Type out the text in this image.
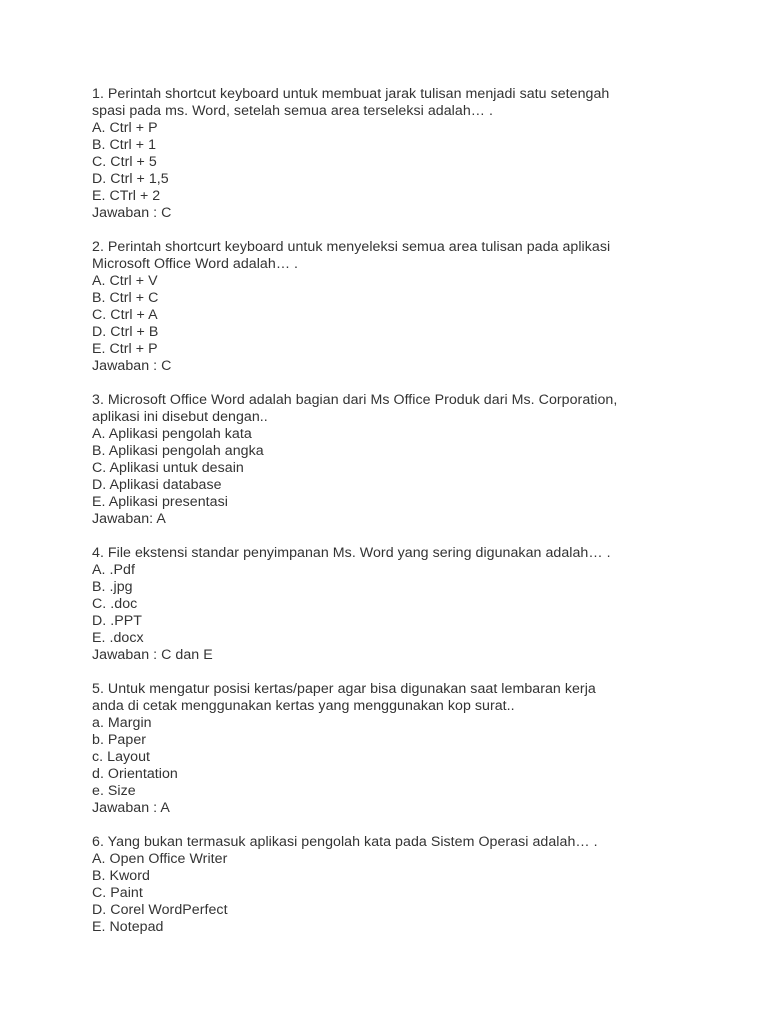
1. Perintah shortcut keyboard untuk membuat jarak tulisan menjadi satu setengah
spasi pada ms. Word, setelah semua area terseleksi adalah… .
A. Ctrl + P
B. Ctrl + 1
C. Ctrl + 5
D. Ctrl + 1,5
E. CTrl + 2
Jawaban : C
2. Perintah shortcurt keyboard untuk menyeleksi semua area tulisan pada aplikasi
Microsoft Office Word adalah… .
A. Ctrl + V
B. Ctrl + C
C. Ctrl + A
D. Ctrl + B
E. Ctrl + P
Jawaban : C
3. Microsoft Office Word adalah bagian dari Ms Office Produk dari Ms. Corporation,
aplikasi ini disebut dengan..
A. Aplikasi pengolah kata
B. Aplikasi pengolah angka
C. Aplikasi untuk desain
D. Aplikasi database
E. Aplikasi presentasi
Jawaban: A
4. File ekstensi standar penyimpanan Ms. Word yang sering digunakan adalah… .
A. .Pdf
B. .jpg
C. .doc
D. .PPT
E. .docx
Jawaban : C dan E
5. Untuk mengatur posisi kertas/paper agar bisa digunakan saat lembaran kerja
anda di cetak menggunakan kertas yang menggunakan kop surat..
a. Margin
b. Paper
c. Layout
d. Orientation
e. Size
Jawaban : A
6. Yang bukan termasuk aplikasi pengolah kata pada Sistem Operasi adalah… .
A. Open Office Writer
B. Kword
C. Paint
D. Corel WordPerfect
E. Notepad
